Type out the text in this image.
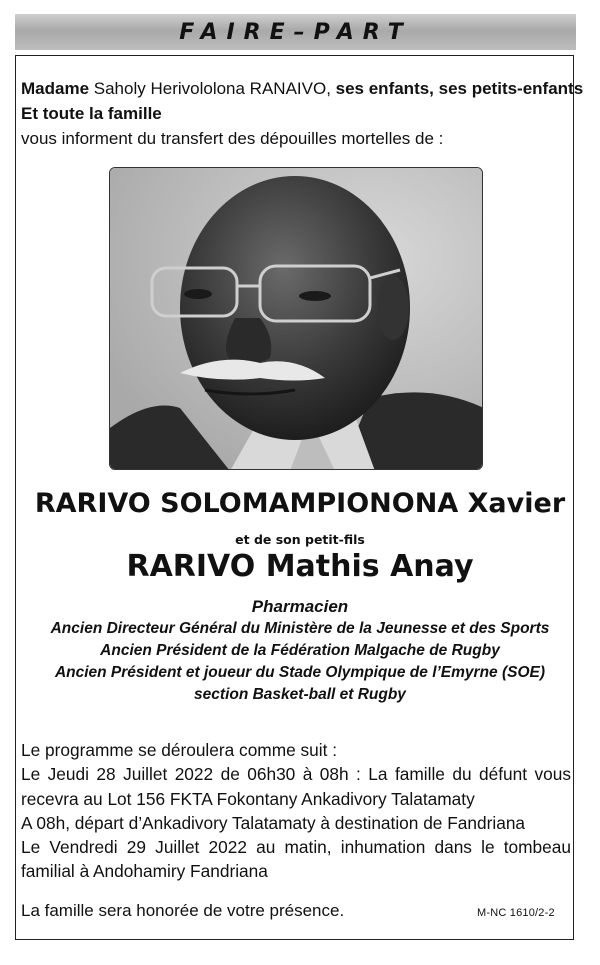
FAIRE–PART
Madame Saholy Herivololona RANAIVO, ses enfants, ses petits-enfants
Et toute la famille
vous informent du transfert des dépouilles mortelles de :
RARIVO SOLOMAMPIONONA Xavier
et de son petit-fils
RARIVO Mathis Anay
Pharmacien
Ancien Directeur Général du Ministère de la Jeunesse et des Sports
Ancien Président de la Fédération Malgache de Rugby
Ancien Président et joueur du Stade Olympique de l’Emyrne (SOE)
section Basket-ball et Rugby

Le programme se déroulera comme suit :

Le Jeudi 28 Juillet 2022 de 06h30 à 08h : La famille du défunt vous recevra au Lot 156 FKTA Fokontany Ankadivory Talatamaty

A 08h, départ d’Ankadivory Talatamaty à destination de Fandriana

Le Vendredi 29 Juillet 2022 au matin, inhumation dans le tombeau familial à Andohamiry Fandriana

La famille sera honorée de votre présence.	M-NC 1610/2-2
